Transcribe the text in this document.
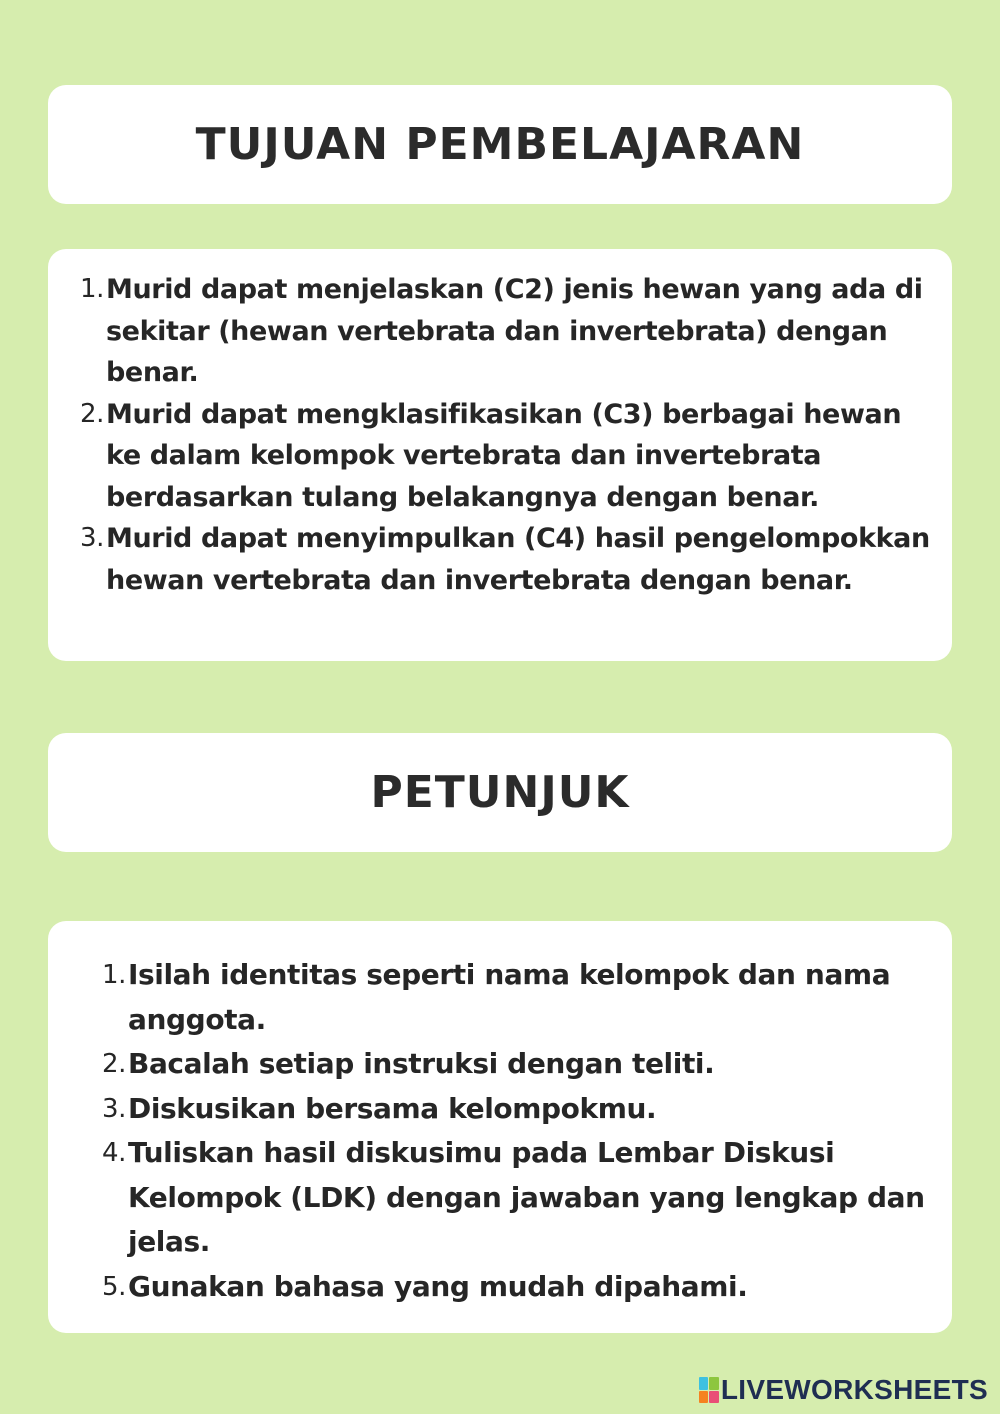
TUJUAN PEMBELAJARAN
1. Murid dapat menjelaskan (C2) jenis hewan yang ada di sekitar (hewan vertebrata dan invertebrata) dengan benar.
2. Murid dapat mengklasifikasikan (C3) berbagai hewan ke dalam kelompok vertebrata dan invertebrata berdasarkan tulang belakangnya dengan benar.
3. Murid dapat menyimpulkan (C4) hasil pengelompokkan hewan vertebrata dan invertebrata dengan benar.
PETUNJUK
1. Isilah identitas seperti nama kelompok dan nama anggota.
2. Bacalah setiap instruksi dengan teliti.
3. Diskusikan bersama kelompokmu.
4. Tuliskan hasil diskusimu pada Lembar Diskusi Kelompok (LDK) dengan jawaban yang lengkap dan jelas.
5. Gunakan bahasa yang mudah dipahami.
LIVEWORKSHEETS
